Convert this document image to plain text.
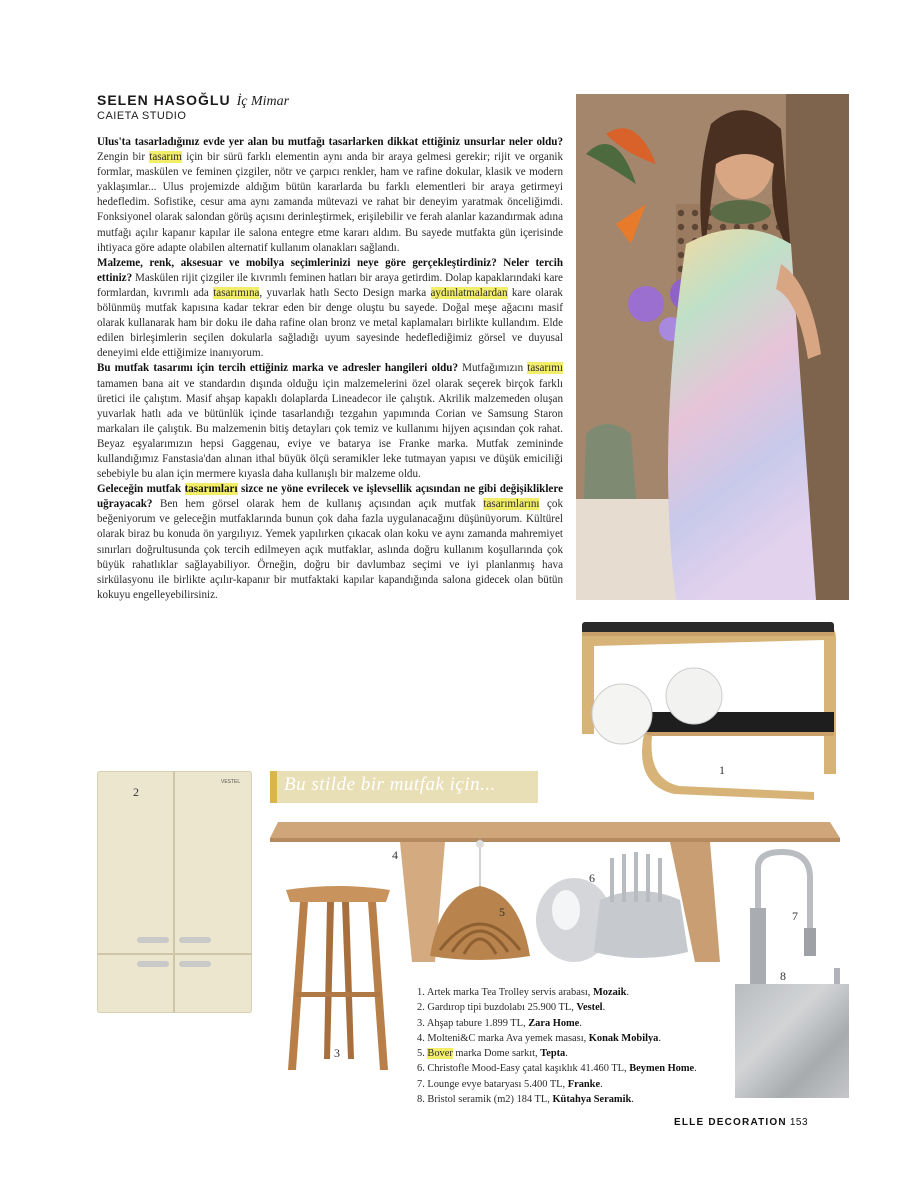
SELEN HASOĞLU İç Mimar
CAIETA STUDIO

Ulus'ta tasarladığınız evde yer alan bu mutfağı tasarlarken dikkat ettiğiniz unsurlar neler oldu? Zengin bir tasarım için bir sürü farklı elementin aynı anda bir araya gelmesi gerekir; rijit ve organik formlar, maskülen ve feminen çizgiler, nötr ve çarpıcı renkler, ham ve rafine dokular, klasik ve modern yaklaşımlar... Ulus projemizde aldığım bütün kararlarda bu farklı elementleri bir araya getirmeyi hedefledim. Sofistike, cesur ama aynı zamanda mütevazi ve rahat bir deneyim yaratmak önceliğimdi. Fonksiyonel olarak salondan görüş açısını derinleştirmek, erişilebilir ve ferah alanlar kazandırmak adına mutfağı açılır kapanır kapılar ile salona entegre etme kararı aldım. Bu sayede mutfakta gün içerisinde ihtiyaca göre adapte olabilen alternatif kullanım olanakları sağlandı.

Malzeme, renk, aksesuar ve mobilya seçimlerinizi neye göre gerçekleştirdiniz? Neler tercih ettiniz? Maskülen rijit çizgiler ile kıvrımlı feminen hatları bir araya getirdim. Dolap kapaklarındaki kare formlardan, kıvrımlı ada tasarımına, yuvarlak hatlı Secto Design marka aydınlatmalardan kare olarak bölünmüş mutfak kapısına kadar tekrar eden bir denge oluştu bu sayede. Doğal meşe ağacını masif olarak kullanarak ham bir doku ile daha rafine olan bronz ve metal kaplamaları birlikte kullandım. Elde edilen birleşimlerin seçilen dokularla sağladığı uyum sayesinde hedeflediğimiz görsel ve duyusal deneyimi elde ettiğimize inanıyorum.

Bu mutfak tasarımı için tercih ettiğiniz marka ve adresler hangileri oldu? Mutfağımızın tasarımı tamamen bana ait ve standardın dışında olduğu için malzemelerini özel olarak seçerek birçok farklı üretici ile çalıştım. Masif ahşap kapaklı dolaplarda Lineadecor ile çalıştık. Akrilik malzemeden oluşan yuvarlak hatlı ada ve bütünlük içinde tasarlandığı tezgahın yapımında Corian ve Samsung Staron markaları ile çalıştık. Bu malzemenin bitiş detayları çok temiz ve kullanımı hijyen açısından çok rahat. Beyaz eşyalarımızın hepsi Gaggenau, eviye ve batarya ise Franke marka. Mutfak zemininde kullandığımız Fanstasia'dan alınan ithal büyük ölçü seramikler leke tutmayan yapısı ve düşük emiciliği sebebiyle bu alan için mermere kıyasla daha kullanışlı bir malzeme oldu.

Geleceğin mutfak tasarımları sizce ne yöne evrilecek ve işlevsellik açısından ne gibi değişikliklere uğrayacak? Ben hem görsel olarak hem de kullanış açısından açık mutfak tasarımlarını çok beğeniyorum ve geleceğin mutfaklarında bunun çok daha fazla uygulanacağını düşünüyorum. Kültürel olarak biraz bu konuda ön yargılıyız. Yemek yapılırken çıkacak olan koku ve aynı zamanda mahremiyet sınırları doğrultusunda çok tercih edilmeyen açık mutfaklar, aslında doğru kullanım koşullarında çok büyük rahatlıklar sağlayabiliyor. Örneğin, doğru bir davlumbaz seçimi ve iyi planlanmış hava sirkülasyonu ile birlikte açılır-kapanır bir mutfaktaki kapılar kapandığında salona gidecek olan bütün kokuyu engelleyebilirsiniz.

1
VESTEL
2	Bu stilde bir mutfak için...
4
3
5
6
7
8
1. Artek marka Tea Trolley servis arabası, Mozaik.
2. Gardırop tipi buzdolabı 25.900 TL, Vestel.
3. Ahşap tabure 1.899 TL, Zara Home.
4. Molteni&C marka Ava yemek masası, Konak Mobilya.
5. Bover marka Dome sarkıt, Tepta.
6. Christofle Mood-Easy çatal kaşıklık 41.460 TL, Beymen Home.
7. Lounge evye bataryası 5.400 TL, Franke.
8. Bristol seramik (m2) 184 TL, Kütahya Seramik.
ELLE DECORATION 153
